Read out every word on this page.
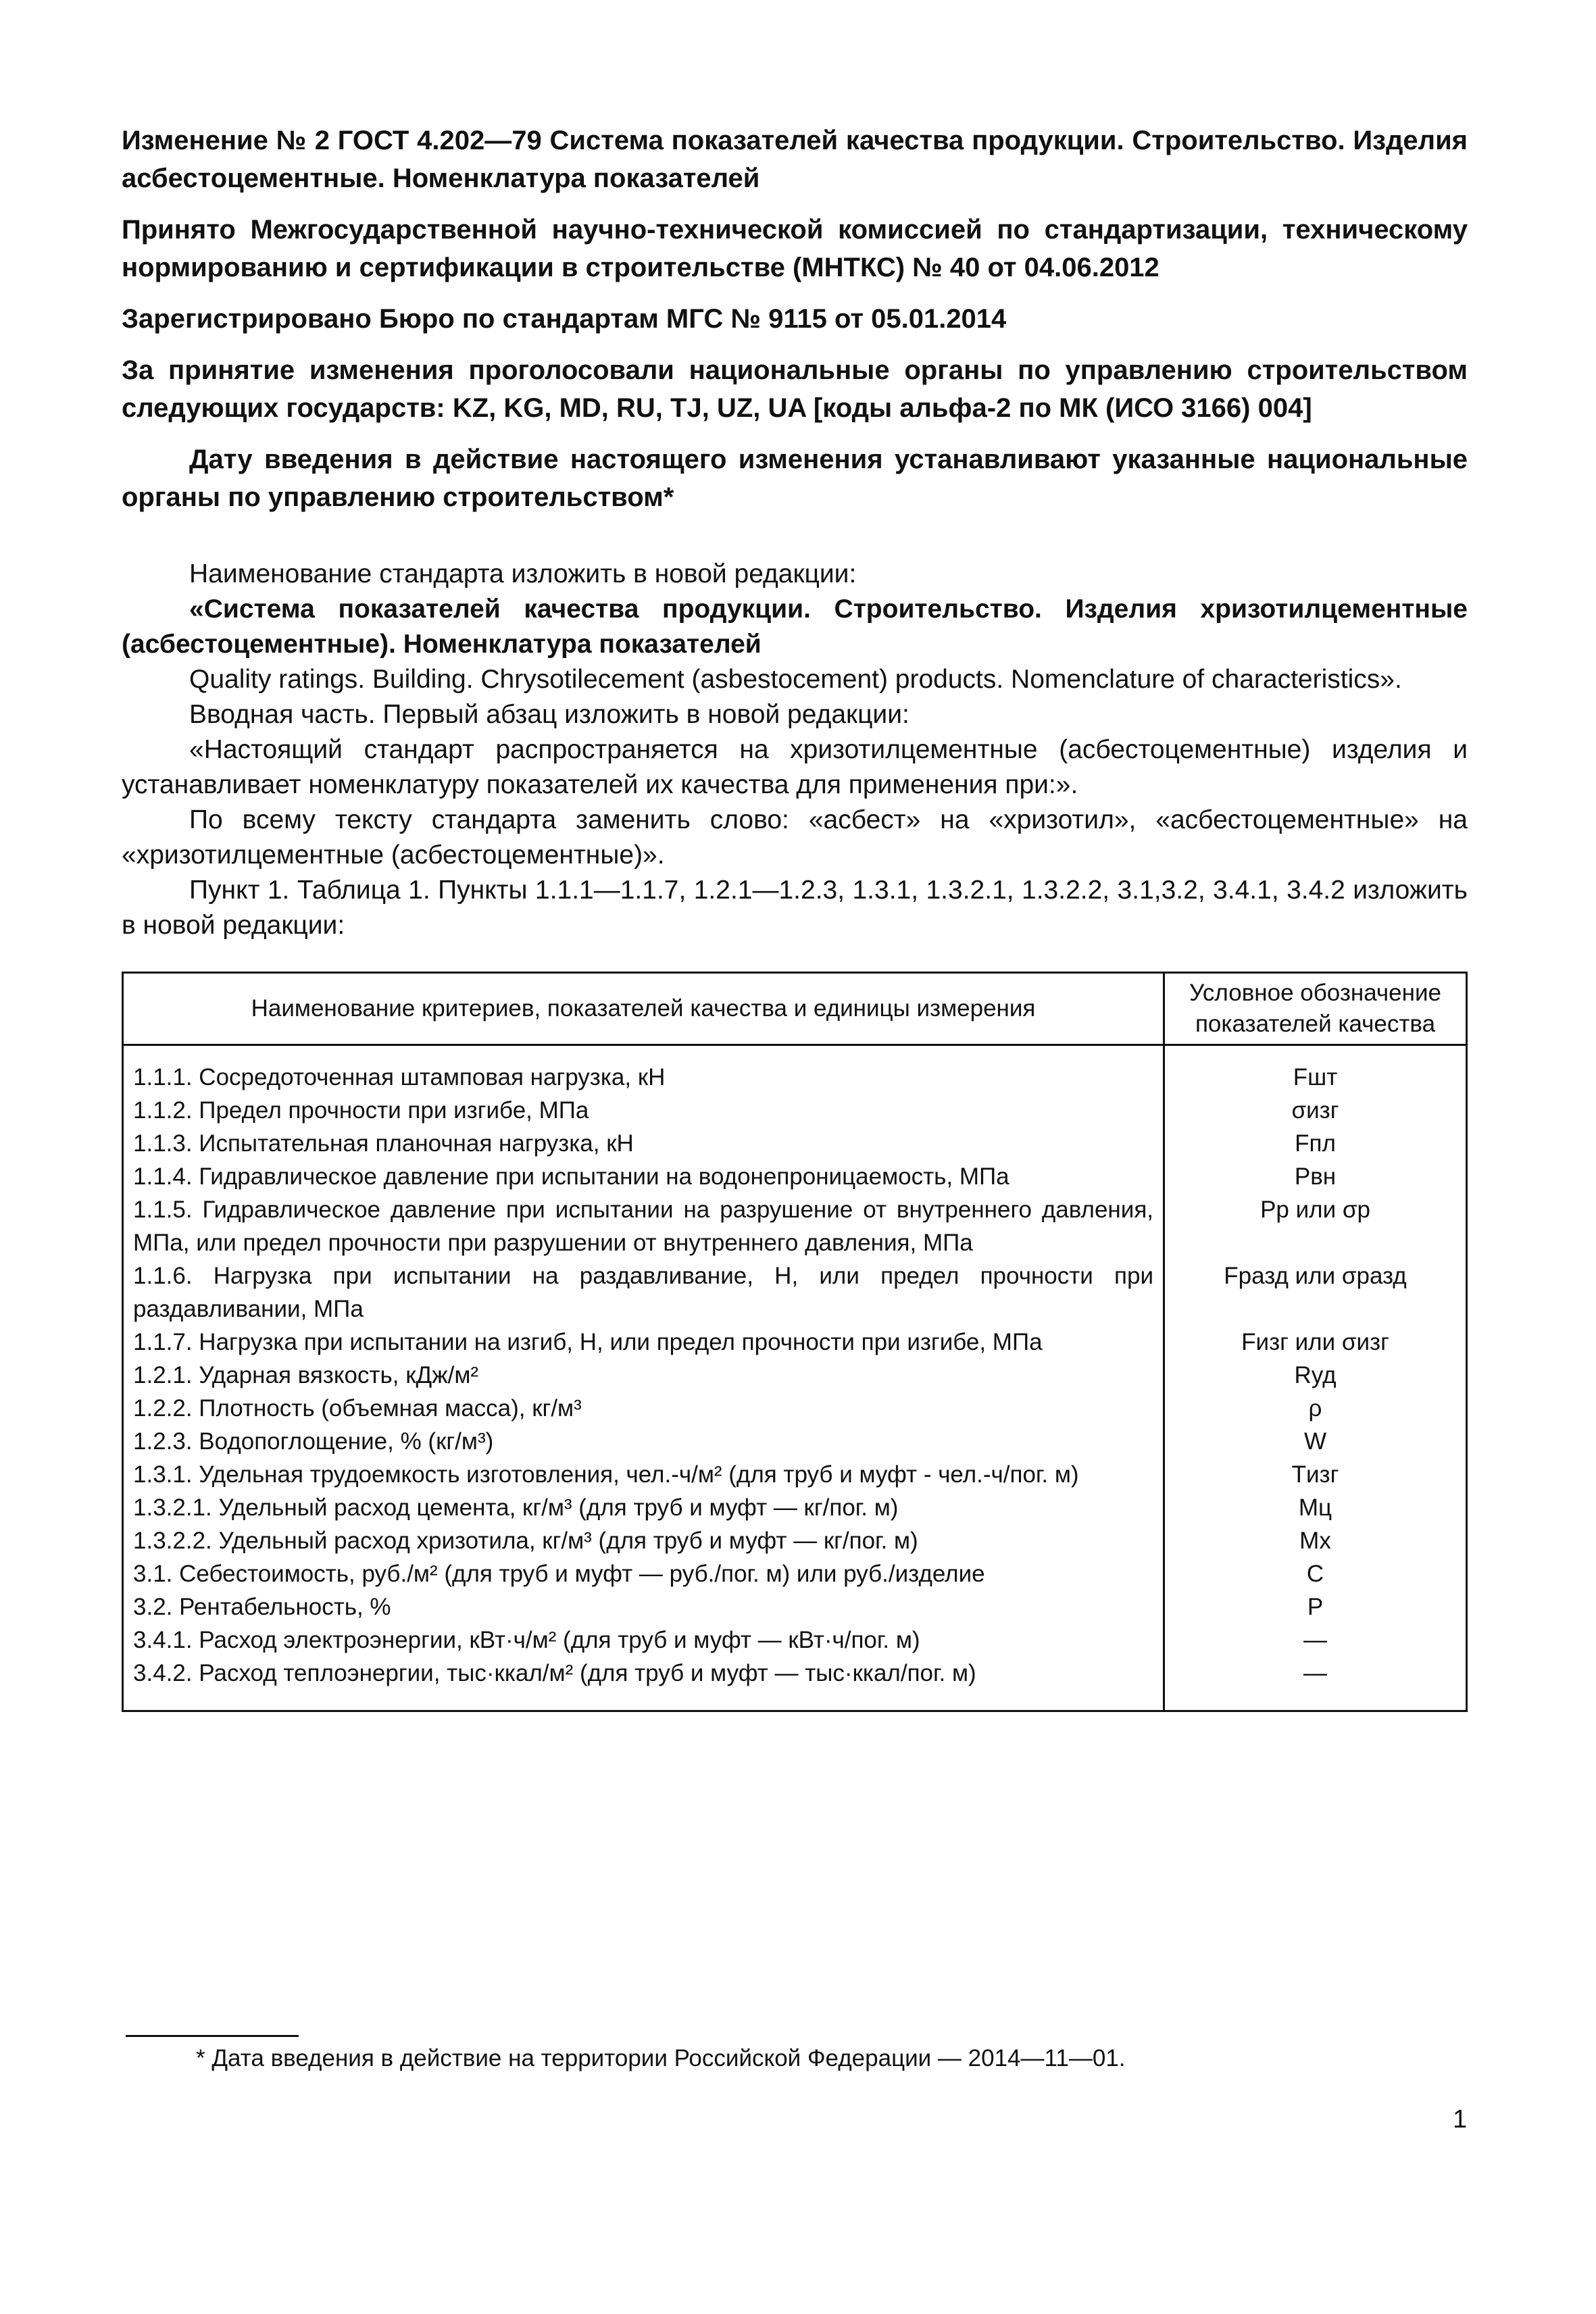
Изменение № 2 ГОСТ 4.202—79 Система показателей качества продукции. Строительство. Изделия асбестоцементные. Номенклатура показателей

Принято Межгосударственной научно-технической комиссией по стандартизации, техническому нормированию и сертификации в строительстве (МНТКС) № 40 от 04.06.2012

Зарегистрировано Бюро по стандартам МГС № 9115 от 05.01.2014

За принятие изменения проголосовали национальные органы по управлению строительством следующих государств: KZ, KG, MD, RU, TJ, UZ, UA [коды альфа-2 по МК (ИСО 3166) 004]

Дату введения в действие настоящего изменения устанавливают указанные национальные органы по управлению строительством*

Наименование стандарта изложить в новой редакции:

«Система показателей качества продукции. Строительство. Изделия хризотилцементные (асбестоцементные). Номенклатура показателей

Quality ratings. Building. Chrysotilecement (asbestocement) products. Nomenclature of characteristics».

Вводная часть. Первый абзац изложить в новой редакции:

«Настоящий стандарт распространяется на хризотилцементные (асбестоцементные) изделия и устанавливает номенклатуру показателей их качества для применения при:».

По всему тексту стандарта заменить слово: «асбест» на «хризотил», «асбестоцементные» на «хризотилцементные (асбестоцементные)».

Пункт 1. Таблица 1. Пункты 1.1.1—1.1.7, 1.2.1—1.2.3, 1.3.1, 1.3.2.1, 1.3.2.2, 3.1,3.2, 3.4.1, 3.4.2 изложить в новой редакции:

Наименование критериев, показателей качества и единицы измерения	Условное обозначение показателей качества
1.1.1. Сосредоточенная штамповая нагрузка, кН	Fшт
1.1.2. Предел прочности при изгибе, МПа	σизг
1.1.3. Испытательная планочная нагрузка, кН	Fпл
1.1.4. Гидравлическое давление при испытании на водонепроницаемость, МПа	Pвн
1.1.5. Гидравлическое давление при испытании на разрушение от внутреннего давления, МПа, или предел прочности при разрушении от внутреннего давления, МПа	Pр или σр
1.1.6. Нагрузка при испытании на раздавливание, Н, или предел прочности при раздавливании, МПа	Fразд или σразд
1.1.7. Нагрузка при испытании на изгиб, Н, или предел прочности при изгибе, МПа	Fизг или σизг
1.2.1. Ударная вязкость, кДж/м²	Rуд
1.2.2. Плотность (объемная масса), кг/м³	ρ
1.2.3. Водопоглощение, % (кг/м³)	W
1.3.1. Удельная трудоемкость изготовления, чел.-ч/м² (для труб и муфт - чел.-ч/пог. м)	Tизг
1.3.2.1. Удельный расход цемента, кг/м³ (для труб и муфт — кг/пог. м)	Mц
1.3.2.2. Удельный расход хризотила, кг/м³ (для труб и муфт — кг/пог. м)	Mх
3.1. Себестоимость, руб./м² (для труб и муфт — руб./пог. м) или руб./изделие	C
3.2. Рентабельность, %	P
3.4.1. Расход электроэнергии, кВт·ч/м² (для труб и муфт — кВт·ч/пог. м)	—
3.4.2. Расход теплоэнергии, тыс·ккал/м² (для труб и муфт — тыс·ккал/пог. м)	—
* Дата введения в действие на территории Российской Федерации — 2014—11—01.
1
